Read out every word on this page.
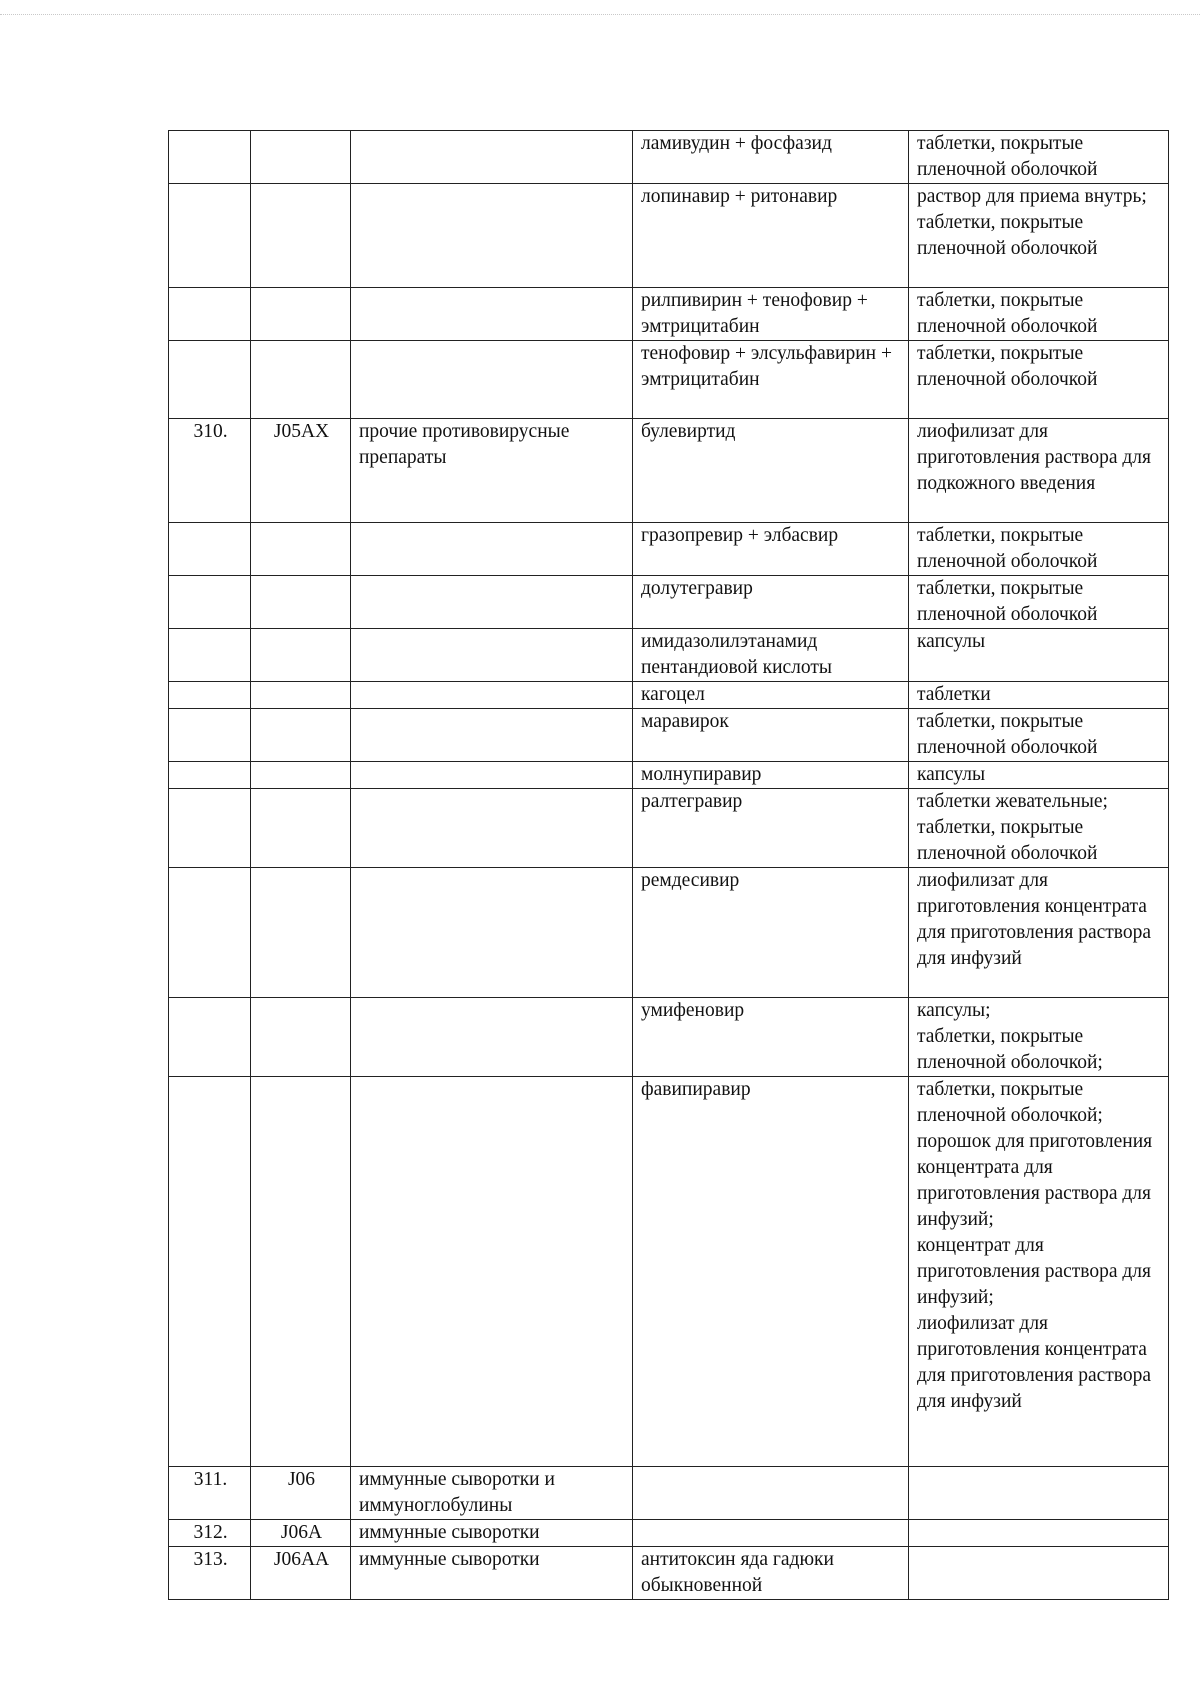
			ламивудин + фосфазид	таблетки, покрытые пленочной оболочкой

			лопинавир + ритонавир	раствор для приема внутрь;
таблетки, покрытые пленочной оболочкой

			рилпивирин + тенофовир + эмтрицитабин	таблетки, покрытые пленочной оболочкой

			тенофовир + элсульфавирин + эмтрицитабин	таблетки, покрытые пленочной оболочкой

310.	J05AX	прочие противовирусные препараты	булевиртид	лиофилизат для приготовления раствора для подкожного введения

			гразопревир + элбасвир	таблетки, покрытые пленочной оболочкой

			долутегравир	таблетки, покрытые пленочной оболочкой

			имидазолилэтанамид пентандиовой кислоты	капсулы

			кагоцел	таблетки

			маравирок	таблетки, покрытые пленочной оболочкой

			молнупиравир	капсулы

			ралтегравир	таблетки жевательные;
таблетки, покрытые пленочной оболочкой

			ремдесивир	лиофилизат для приготовления концентрата для приготовления раствора для инфузий

			умифеновир	капсулы;
таблетки, покрытые пленочной оболочкой;

			фавипиравир	таблетки, покрытые пленочной оболочкой;
порошок для приготовления концентрата для приготовления раствора для инфузий;
концентрат для приготовления раствора для инфузий;
лиофилизат для приготовления концентрата для приготовления раствора для инфузий

311.	J06	иммунные сыворотки и иммуноглобулины		

312.	J06A	иммунные сыворотки		

313.	J06AA	иммунные сыворотки	антитоксин яда гадюки обыкновенной	
